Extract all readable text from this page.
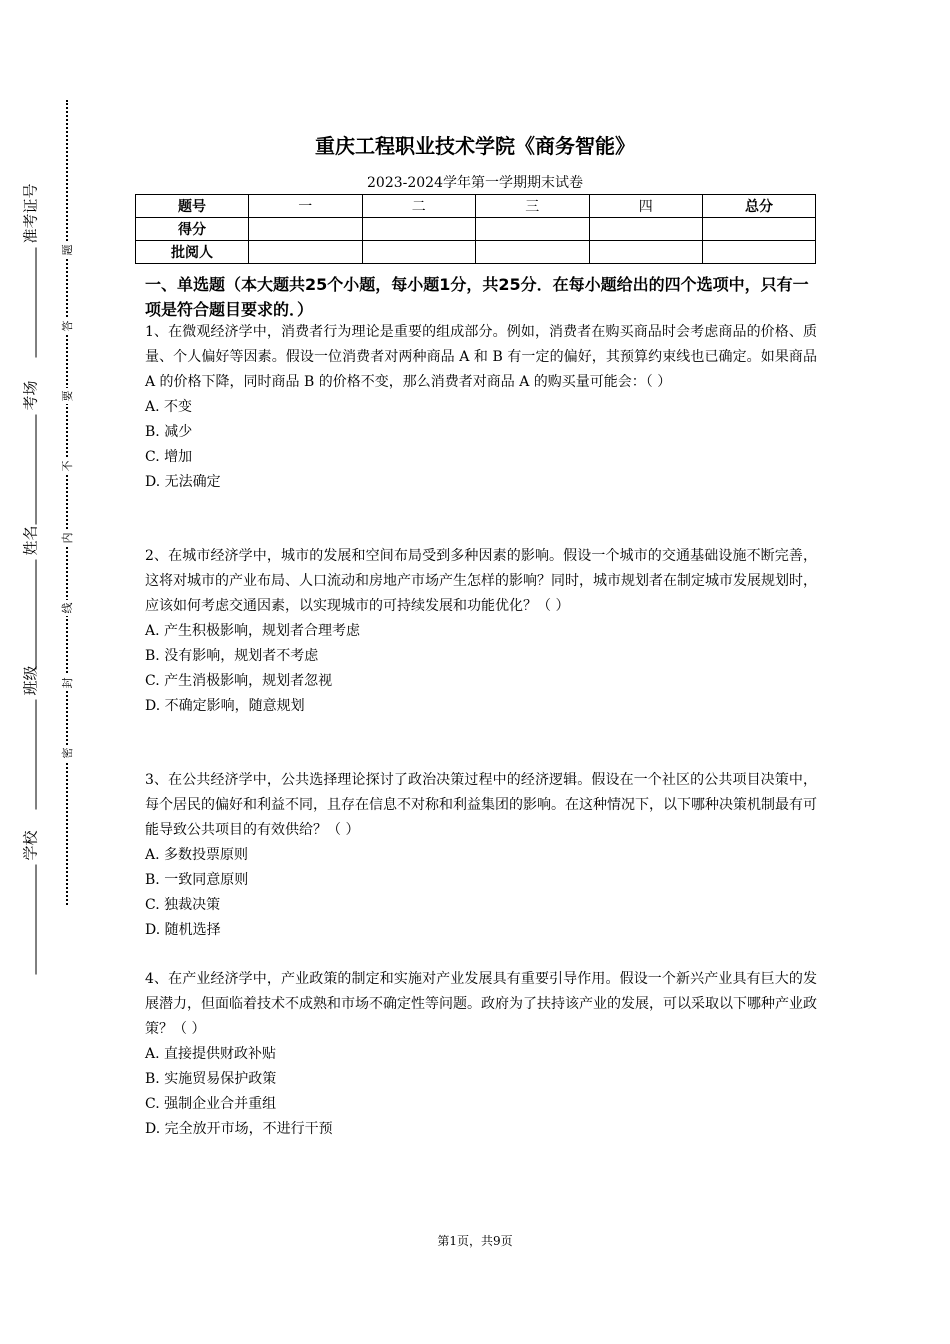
准考证号
考场
姓名
班级
学校
题
答
要
不
内
线
封
密
重庆工程职业技术学院《商务智能》
2023-2024学年第一学期期末试卷
题号	一	二	三	四	总分
得分					
批阅人					
一、单选题（本大题共25个小题，每小题1分，共25分．在每小题给出的四个选项中，只有一项是符合题目要求的．）
1、在微观经济学中，消费者行为理论是重要的组成部分。例如，消费者在购买商品时会考虑商品的价格、质量、个人偏好等因素。假设一位消费者对两种商品 A 和 B 有一定的偏好，其预算约束线也已确定。如果商品 A 的价格下降，同时商品 B 的价格不变，那么消费者对商品 A 的购买量可能会：（ ）
A. 不变
B. 减少
C. 增加
D. 无法确定
2、在城市经济学中，城市的发展和空间布局受到多种因素的影响。假设一个城市的交通基础设施不断完善，这将对城市的产业布局、人口流动和房地产市场产生怎样的影响？同时，城市规划者在制定城市发展规划时，应该如何考虑交通因素，以实现城市的可持续发展和功能优化？（ ）
A. 产生积极影响，规划者合理考虑
B. 没有影响，规划者不考虑
C. 产生消极影响，规划者忽视
D. 不确定影响，随意规划
3、在公共经济学中，公共选择理论探讨了政治决策过程中的经济逻辑。假设在一个社区的公共项目决策中，每个居民的偏好和利益不同，且存在信息不对称和利益集团的影响。在这种情况下，以下哪种决策机制最有可能导致公共项目的有效供给？（ ）
A. 多数投票原则
B. 一致同意原则
C. 独裁决策
D. 随机选择
4、在产业经济学中，产业政策的制定和实施对产业发展具有重要引导作用。假设一个新兴产业具有巨大的发展潜力，但面临着技术不成熟和市场不确定性等问题。政府为了扶持该产业的发展，可以采取以下哪种产业政策？（ ）
A. 直接提供财政补贴
B. 实施贸易保护政策
C. 强制企业合并重组
D. 完全放开市场，不进行干预
第1页，共9页
